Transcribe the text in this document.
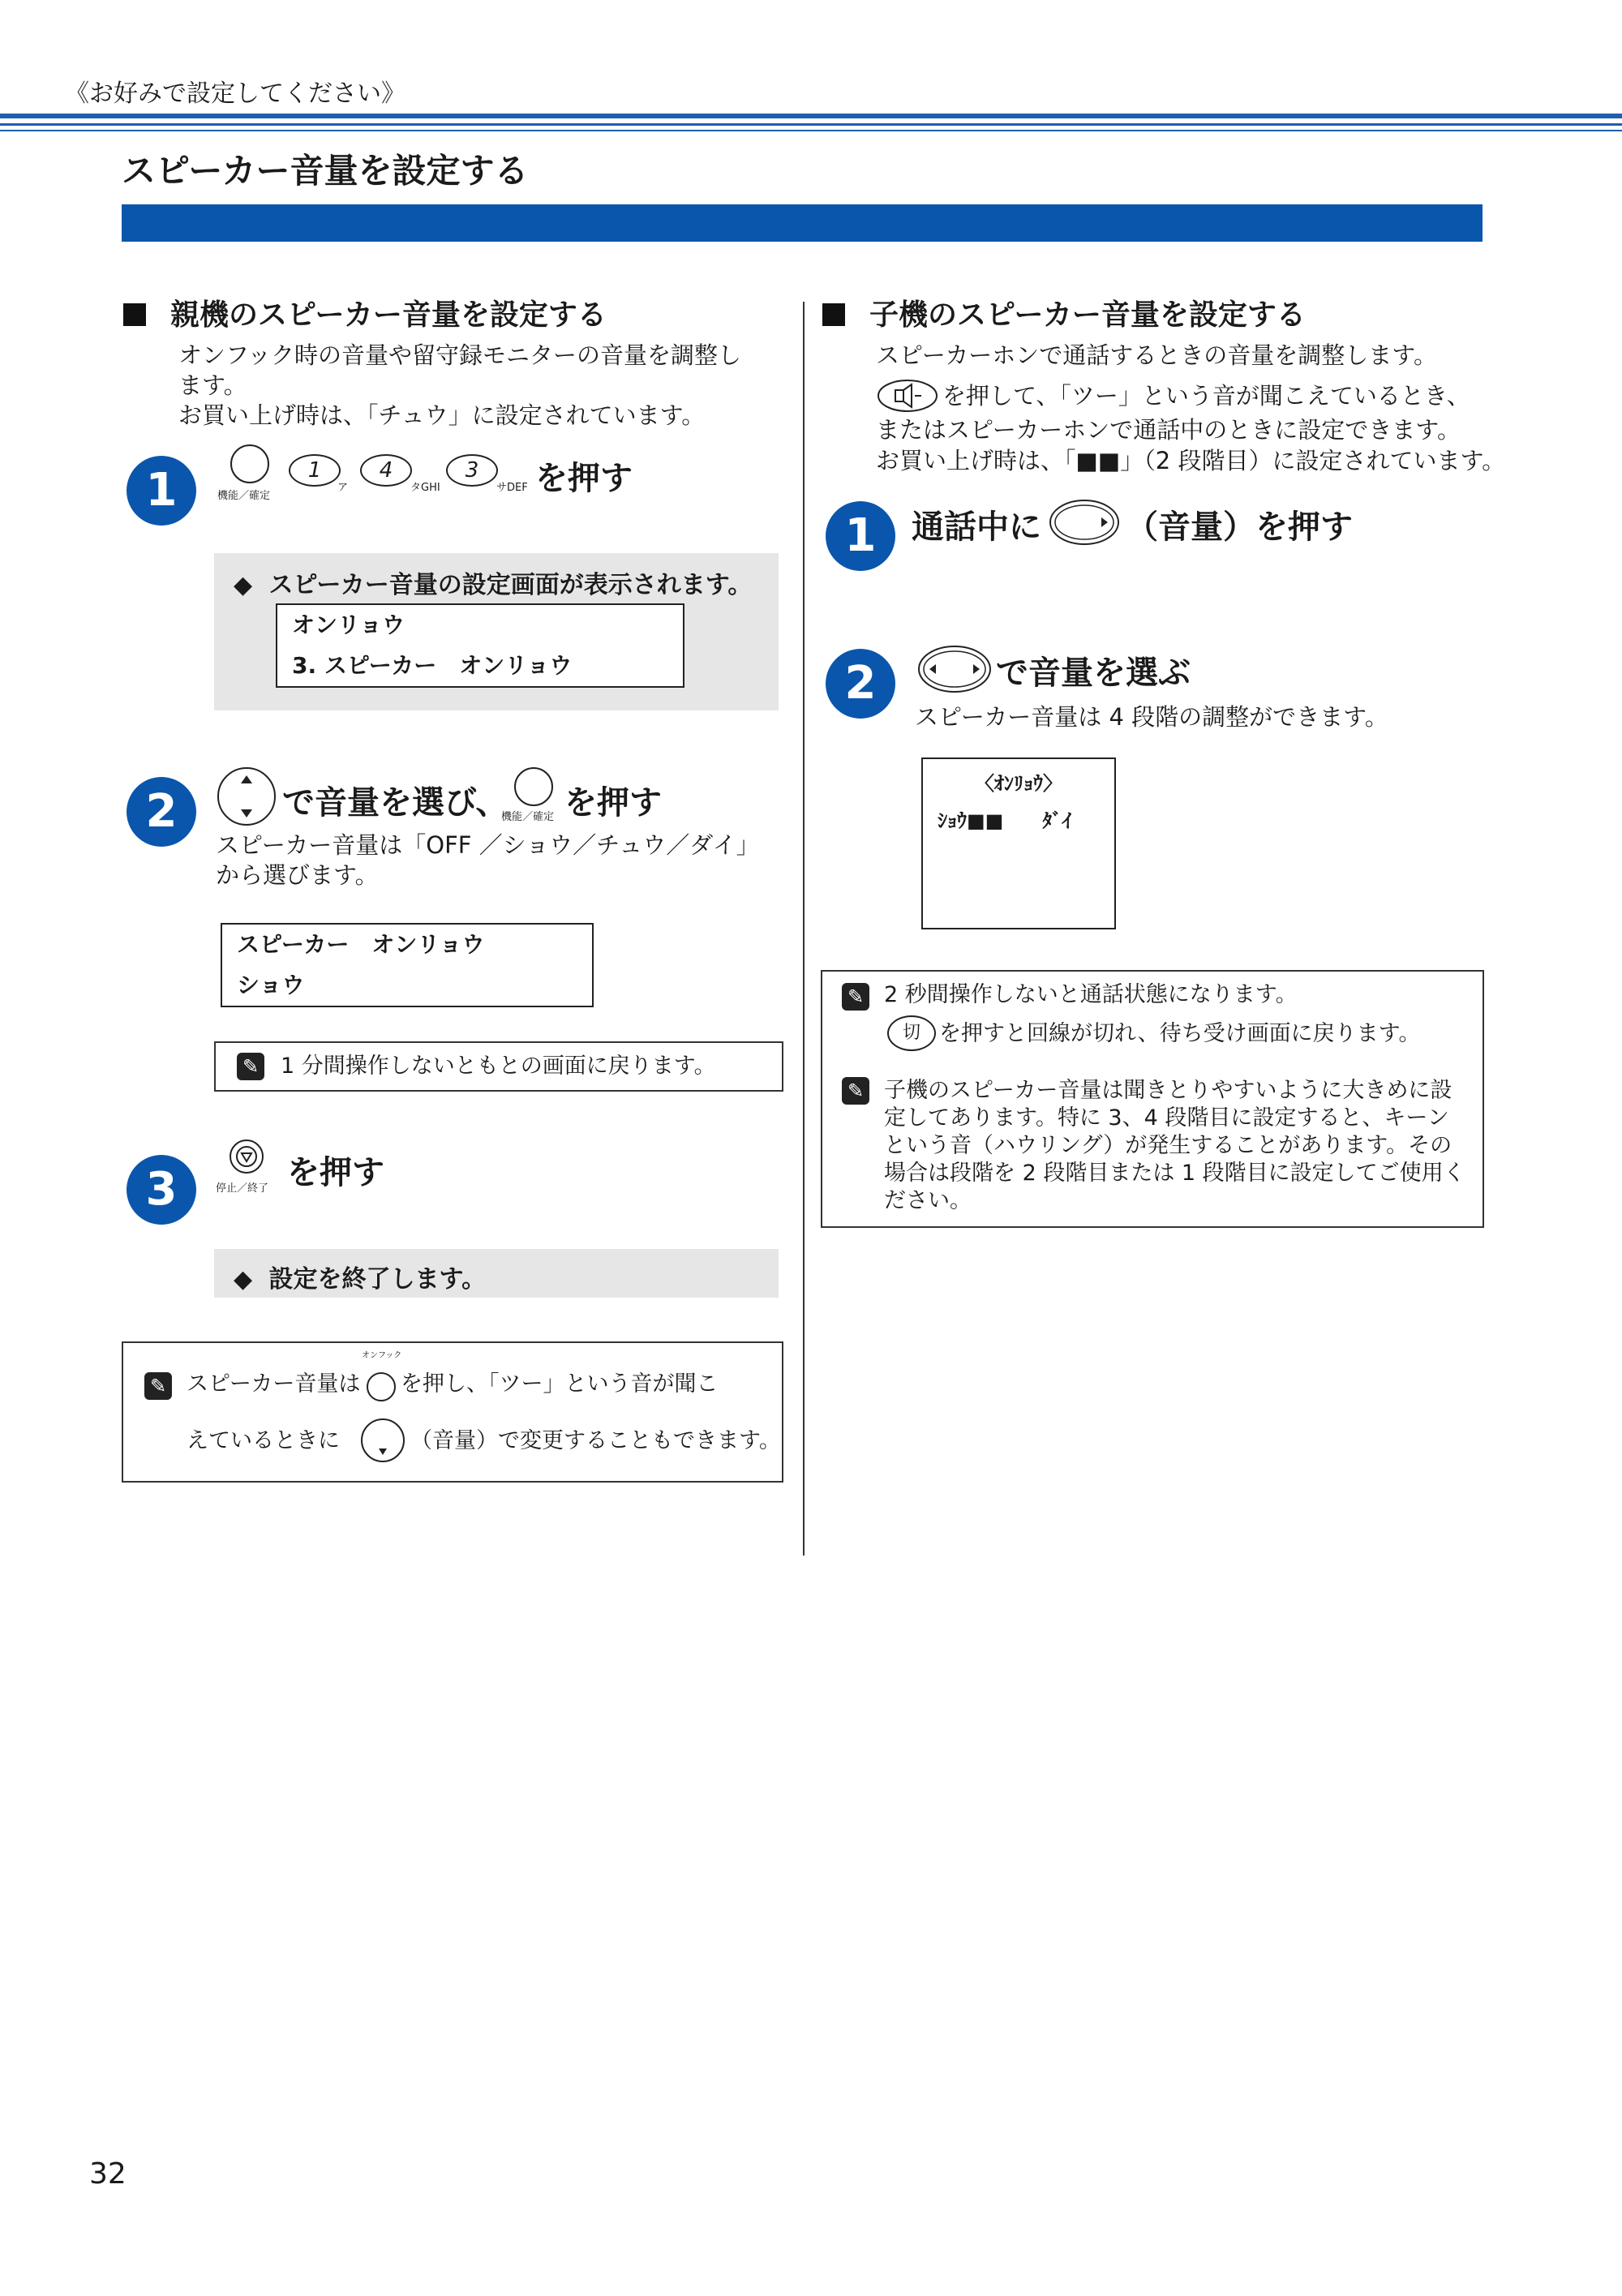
《お好みで設定してください》
スピーカー音量を設定する
親機のスピーカー音量を設定する
オンフック時の音量や留守録モニターの音量を調整し
ます。
お買い上げ時は、「チュウ」に設定されています。
1	機能／確定
1
ア
4
タGHI
3
サDEF を押す
◆ スピーカー音量の設定画面が表示されます。
オンリョウ
3. スピーカー　オンリョウ
2	で音量を選び、
機能／確定 を押す
スピーカー音量は「OFF ／ショウ／チュウ／ダイ」
から選びます。
スピーカー　オンリョウ
ショウ
✎ 1 分間操作しないともとの画面に戻ります。
3	停止／終了 を押す
◆ 設定を終了します。
✎ スピーカー音量は
オンフック
を押し、「ツー」という音が聞こ
えているときに	（音量）で変更することもできます。
子機のスピーカー音量を設定する
スピーカーホンで通話するときの音量を調整します。
を押して、「ツー」という音が聞こえているとき、
またはスピーカーホンで通話中のときに設定できます。
お買い上げ時は、「■■」（2 段階目）に設定されています。
1	通話中に	（音量）を押す
2	で音量を選ぶ
スピーカー音量は 4 段階の調整ができます。
〈ｵﾝﾘｮｳ〉
ｼｮｳ■■　　ﾀﾞｲ
✎ 2 秒間操作しないと通話状態になります。
切 を押すと回線が切れ、待ち受け画面に戻ります。
✎ 子機のスピーカー音量は聞きとりやすいように大きめに設
定してあります。特に 3、4 段階目に設定すると、キーン
という音（ハウリング）が発生することがあります。その
場合は段階を 2 段階目または 1 段階目に設定してご使用く
ださい。
32
